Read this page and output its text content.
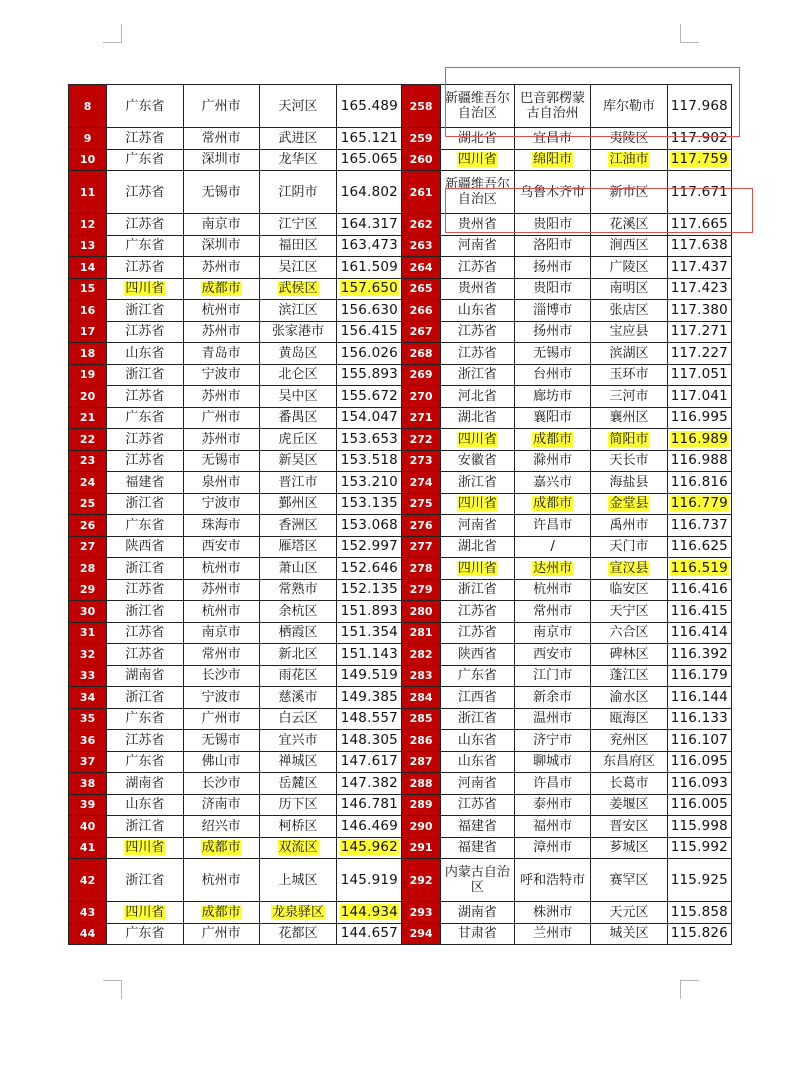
8	广东省	广州市	天河区	165.489	258	新疆维吾尔自治区	巴音郭楞蒙古自治州	库尔勒市	117.968
9	江苏省	常州市	武进区	165.121	259	湖北省	宜昌市	夷陵区	117.902
10	广东省	深圳市	龙华区	165.065	260	四川省	绵阳市	江油市	117.759
11	江苏省	无锡市	江阴市	164.802	261	新疆维吾尔自治区	乌鲁木齐市	新市区	117.671
12	江苏省	南京市	江宁区	164.317	262	贵州省	贵阳市	花溪区	117.665
13	广东省	深圳市	福田区	163.473	263	河南省	洛阳市	涧西区	117.638
14	江苏省	苏州市	吴江区	161.509	264	江苏省	扬州市	广陵区	117.437
15	四川省	成都市	武侯区	157.650	265	贵州省	贵阳市	南明区	117.423
16	浙江省	杭州市	滨江区	156.630	266	山东省	淄博市	张店区	117.380
17	江苏省	苏州市	张家港市	156.415	267	江苏省	扬州市	宝应县	117.271
18	山东省	青岛市	黄岛区	156.026	268	江苏省	无锡市	滨湖区	117.227
19	浙江省	宁波市	北仑区	155.893	269	浙江省	台州市	玉环市	117.051
20	江苏省	苏州市	吴中区	155.672	270	河北省	廊坊市	三河市	117.041
21	广东省	广州市	番禺区	154.047	271	湖北省	襄阳市	襄州区	116.995
22	江苏省	苏州市	虎丘区	153.653	272	四川省	成都市	简阳市	116.989
23	江苏省	无锡市	新吴区	153.518	273	安徽省	滁州市	天长市	116.988
24	福建省	泉州市	晋江市	153.210	274	浙江省	嘉兴市	海盐县	116.816
25	浙江省	宁波市	鄞州区	153.135	275	四川省	成都市	金堂县	116.779
26	广东省	珠海市	香洲区	153.068	276	河南省	许昌市	禹州市	116.737
27	陕西省	西安市	雁塔区	152.997	277	湖北省	/	天门市	116.625
28	浙江省	杭州市	萧山区	152.646	278	四川省	达州市	宣汉县	116.519
29	江苏省	苏州市	常熟市	152.135	279	浙江省	杭州市	临安区	116.416
30	浙江省	杭州市	余杭区	151.893	280	江苏省	常州市	天宁区	116.415
31	江苏省	南京市	栖霞区	151.354	281	江苏省	南京市	六合区	116.414
32	江苏省	常州市	新北区	151.143	282	陕西省	西安市	碑林区	116.392
33	湖南省	长沙市	雨花区	149.519	283	广东省	江门市	蓬江区	116.179
34	浙江省	宁波市	慈溪市	149.385	284	江西省	新余市	渝水区	116.144
35	广东省	广州市	白云区	148.557	285	浙江省	温州市	瓯海区	116.133
36	江苏省	无锡市	宜兴市	148.305	286	山东省	济宁市	兖州区	116.107
37	广东省	佛山市	禅城区	147.617	287	山东省	聊城市	东昌府区	116.095
38	湖南省	长沙市	岳麓区	147.382	288	河南省	许昌市	长葛市	116.093
39	山东省	济南市	历下区	146.781	289	江苏省	泰州市	姜堰区	116.005
40	浙江省	绍兴市	柯桥区	146.469	290	福建省	福州市	晋安区	115.998
41	四川省	成都市	双流区	145.962	291	福建省	漳州市	芗城区	115.992
42	浙江省	杭州市	上城区	145.919	292	内蒙古自治区	呼和浩特市	赛罕区	115.925
43	四川省	成都市	龙泉驿区	144.934	293	湖南省	株洲市	天元区	115.858
44	广东省	广州市	花都区	144.657	294	甘肃省	兰州市	城关区	115.826
